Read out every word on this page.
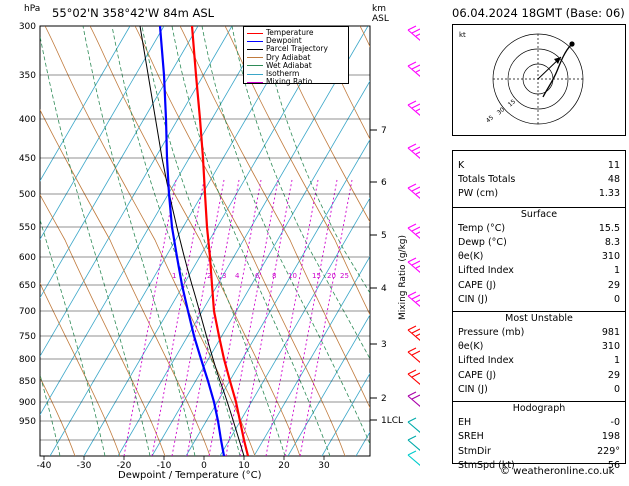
hPa 55°02'N 358°42'W 84m ASL	km
ASL	06.04.2024 18GMT (Base: 06)
1	2 3 4 6 8 10 15 20 25
300
350
400
450
500
550
600
650
700
750
800
850
900
950
-40	-30	-20	-10	0	10	20	30
7
6
5
4
3
2
1LCL
Mixing Ratio (g/kg)
Dewpoint / Temperature (°C)
Temperature
Dewpoint
Parcel Trajectory
Dry Adiabat
Wet Adiabat
Isotherm
Mixing Ratio
kt
15
30
45
K	11
Totals Totals	48
PW (cm)	1.33
Surface
Temp (°C)	15.5
Dewp (°C)	8.3
θe(K)	310
Lifted Index	1
CAPE (J)	29
CIN (J)	0
Most Unstable
Pressure (mb)	981
θe(K)	310
Lifted Index	1
CAPE (J)	29
CIN (J)	0
Hodograph
EH	-0
SREH	198
StmDir	229°
StmSpd (kt)	56
© weatheronline.co.uk
